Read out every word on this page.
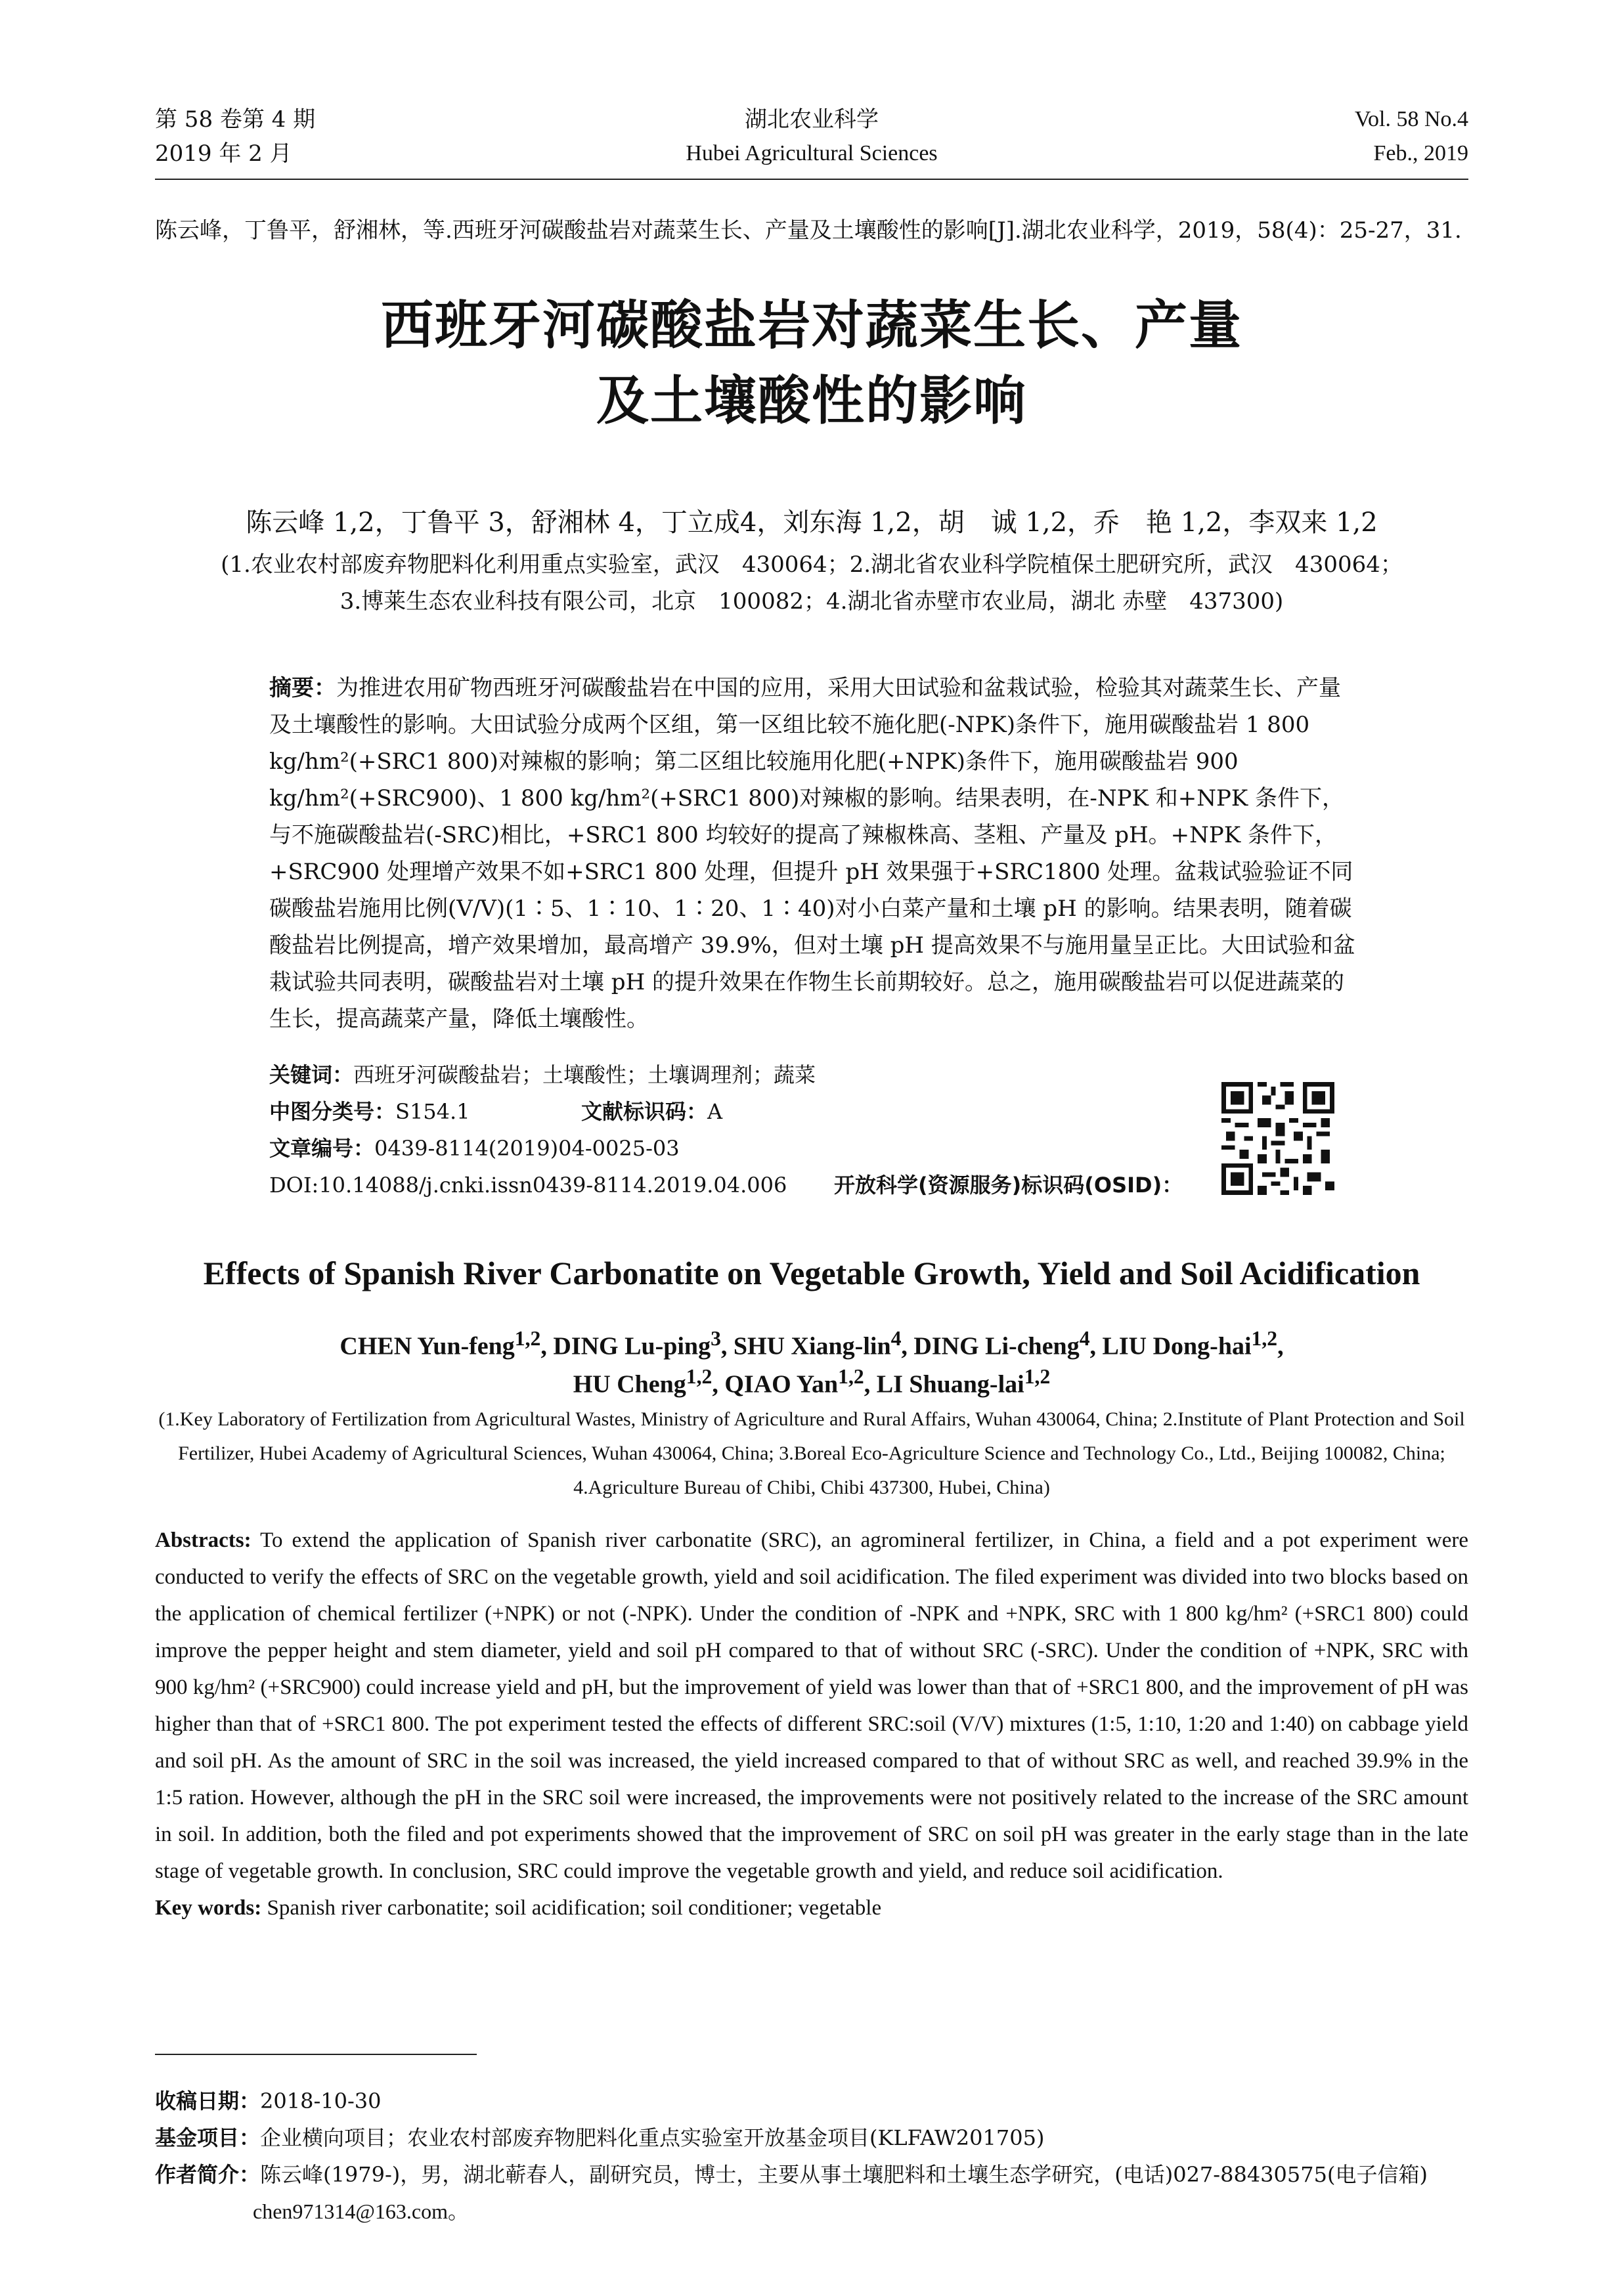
第 58 卷第 4 期
2019 年 2 月
湖北农业科学
Hubei Agricultural Sciences
Vol. 58 No.4
Feb., 2019
陈云峰，丁鲁平，舒湘林，等.西班牙河碳酸盐岩对蔬菜生长、产量及土壤酸性的影响[J].湖北农业科学，2019，58(4)：25-27，31.
西班牙河碳酸盐岩对蔬菜生长、产量
及土壤酸性的影响
陈云峰 1,2，丁鲁平 3，舒湘林 4，丁立成4，刘东海 1,2，胡　诚 1,2，乔　艳 1,2，李双来 1,2
(1.农业农村部废弃物肥料化利用重点实验室，武汉　430064；2.湖北省农业科学院植保土肥研究所，武汉　430064；
3.博莱生态农业科技有限公司，北京　100082；4.湖北省赤壁市农业局，湖北 赤壁　437300)
摘要：为推进农用矿物西班牙河碳酸盐岩在中国的应用，采用大田试验和盆栽试验，检验其对蔬菜生长、产量及土壤酸性的影响。大田试验分成两个区组，第一区组比较不施化肥(-NPK)条件下，施用碳酸盐岩 1 800 kg/hm²(+SRC1 800)对辣椒的影响；第二区组比较施用化肥(+NPK)条件下，施用碳酸盐岩 900 kg/hm²(+SRC900)、1 800 kg/hm²(+SRC1 800)对辣椒的影响。结果表明，在-NPK 和+NPK 条件下，与不施碳酸盐岩(-SRC)相比，+SRC1 800 均较好的提高了辣椒株高、茎粗、产量及 pH。+NPK 条件下，+SRC900 处理增产效果不如+SRC1 800 处理，但提升 pH 效果强于+SRC1800 处理。盆栽试验验证不同碳酸盐岩施用比例(V/V)(1∶5、1∶10、1∶20、1∶40)对小白菜产量和土壤 pH 的影响。结果表明，随着碳酸盐岩比例提高，增产效果增加，最高增产 39.9%，但对土壤 pH 提高效果不与施用量呈正比。大田试验和盆栽试验共同表明，碳酸盐岩对土壤 pH 的提升效果在作物生长前期较好。总之，施用碳酸盐岩可以促进蔬菜的生长，提高蔬菜产量，降低土壤酸性。
关键词：西班牙河碳酸盐岩；土壤酸性；土壤调理剂；蔬菜
中图分类号：S154.1	文献标识码：A
文章编号：0439-8114(2019)04-0025-03
DOI:10.14088/j.cnki.issn0439-8114.2019.04.006 开放科学(资源服务)标识码(OSID)：
Effects of Spanish River Carbonatite on Vegetable Growth, Yield and Soil Acidification
CHEN Yun-feng$^{1,2}$, DING Lu-ping$^3$, SHU Xiang-lin$^4$, DING Li-cheng$^4$, LIU Dong-hai$^{1,2}$,
HU Cheng$^{1,2}$, QIAO Yan$^{1,2}$, LI Shuang-lai$^{1,2}$
(1.Key Laboratory of Fertilization from Agricultural Wastes, Ministry of Agriculture and Rural Affairs, Wuhan 430064, China; 2.Institute of Plant Protection and Soil Fertilizer, Hubei Academy of Agricultural Sciences, Wuhan 430064, China; 3.Boreal Eco-Agriculture Science and Technology Co., Ltd., Beijing 100082, China; 4.Agriculture Bureau of Chibi, Chibi 437300, Hubei, China)
Abstracts: To extend the application of Spanish river carbonatite (SRC), an agromineral fertilizer, in China, a field and a pot experiment were conducted to verify the effects of SRC on the vegetable growth, yield and soil acidification. The filed experiment was divided into two blocks based on the application of chemical fertilizer (+NPK) or not (-NPK). Under the condition of -NPK and +NPK, SRC with 1 800 kg/hm² (+SRC1 800) could improve the pepper height and stem diameter, yield and soil pH compared to that of without SRC (-SRC). Under the condition of +NPK, SRC with 900 kg/hm² (+SRC900) could increase yield and pH, but the improvement of yield was lower than that of +SRC1 800, and the improvement of pH was higher than that of +SRC1 800. The pot experiment tested the effects of different SRC:soil (V/V) mixtures (1:5, 1:10, 1:20 and 1:40) on cabbage yield and soil pH. As the amount of SRC in the soil was increased, the yield increased compared to that of without SRC as well, and reached 39.9% in the 1:5 ration. However, although the pH in the SRC soil were increased, the improvements were not positively related to the increase of the SRC amount in soil. In addition, both the filed and pot experiments showed that the improvement of SRC on soil pH was greater in the early stage than in the late stage of vegetable growth. In conclusion, SRC could improve the vegetable growth and yield, and reduce soil acidification.
Key words: Spanish river carbonatite; soil acidification; soil conditioner; vegetable
收稿日期：2018-10-30
基金项目：企业横向项目；农业农村部废弃物肥料化重点实验室开放基金项目(KLFAW201705)
作者简介：陈云峰(1979-)，男，湖北蕲春人，副研究员，博士，主要从事土壤肥料和土壤生态学研究，(电话)027-88430575(电子信箱)
chen971314@163.com。
